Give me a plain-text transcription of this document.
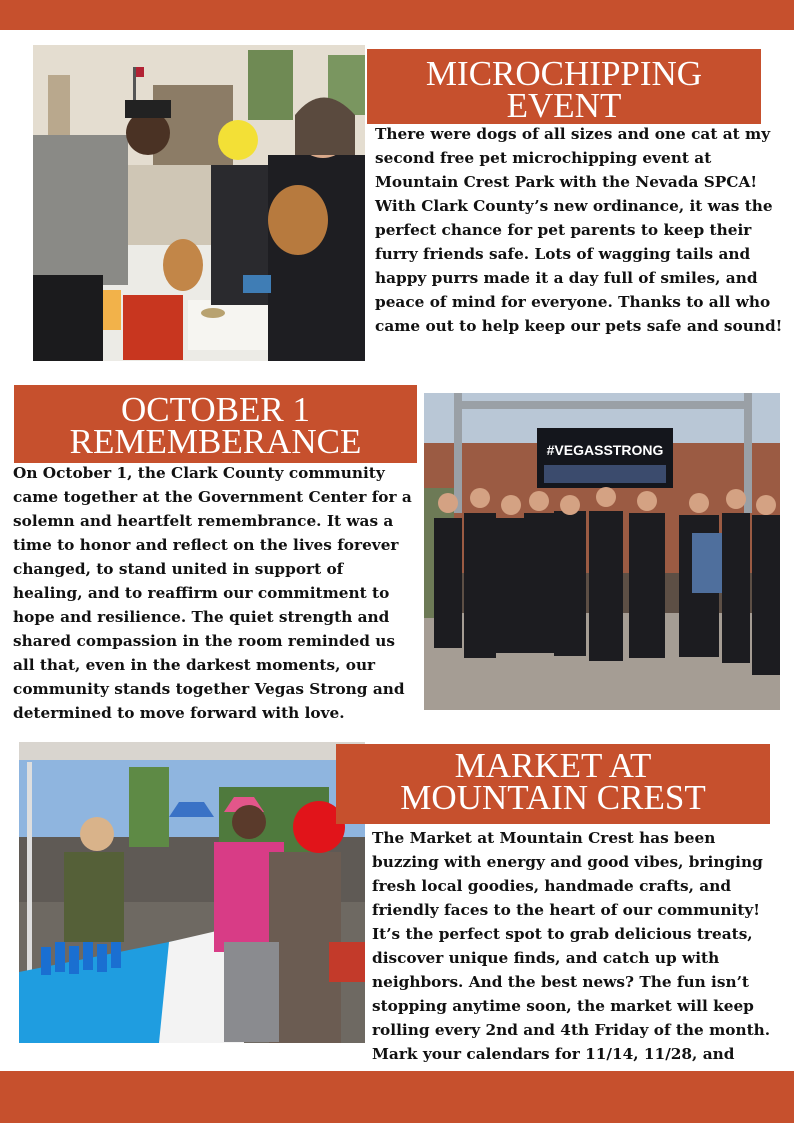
MICROCHIPPING
EVENT

There were dogs of all sizes and one cat at my second free pet microchipping event at Mountain Crest Park with the Nevada SPCA! With Clark County’s new ordinance, it was the perfect chance for pet parents to keep their furry friends safe. Lots of wagging tails and happy purrs made it a day full of smiles, and peace of mind for everyone. Thanks to all who came out to help keep our pets safe and sound!

OCTOBER 1
REMEMBERANCE

On October 1, the Clark County community came together at the Government Center for a solemn and heartfelt remembrance. It was a time to honor and reflect on the lives forever changed, to stand united in support of healing, and to reaffirm our commitment to hope and resilience. The quiet strength and shared compassion in the room reminded us all that, even in the darkest moments, our community stands together Vegas Strong and determined to move forward with love.

#VEGASSTRONG
MARKET AT
MOUNTAIN CREST

The Market at Mountain Crest has been buzzing with energy and good vibes, bringing fresh local goodies, handmade crafts, and friendly faces to the heart of our community! It’s the perfect spot to grab delicious treats, discover unique finds, and catch up with neighbors. And the best news? The fun isn’t stopping anytime soon, the market will keep rolling every 2nd and 4th Friday of the month. Mark your calendars for 11/14, 11/28, and
